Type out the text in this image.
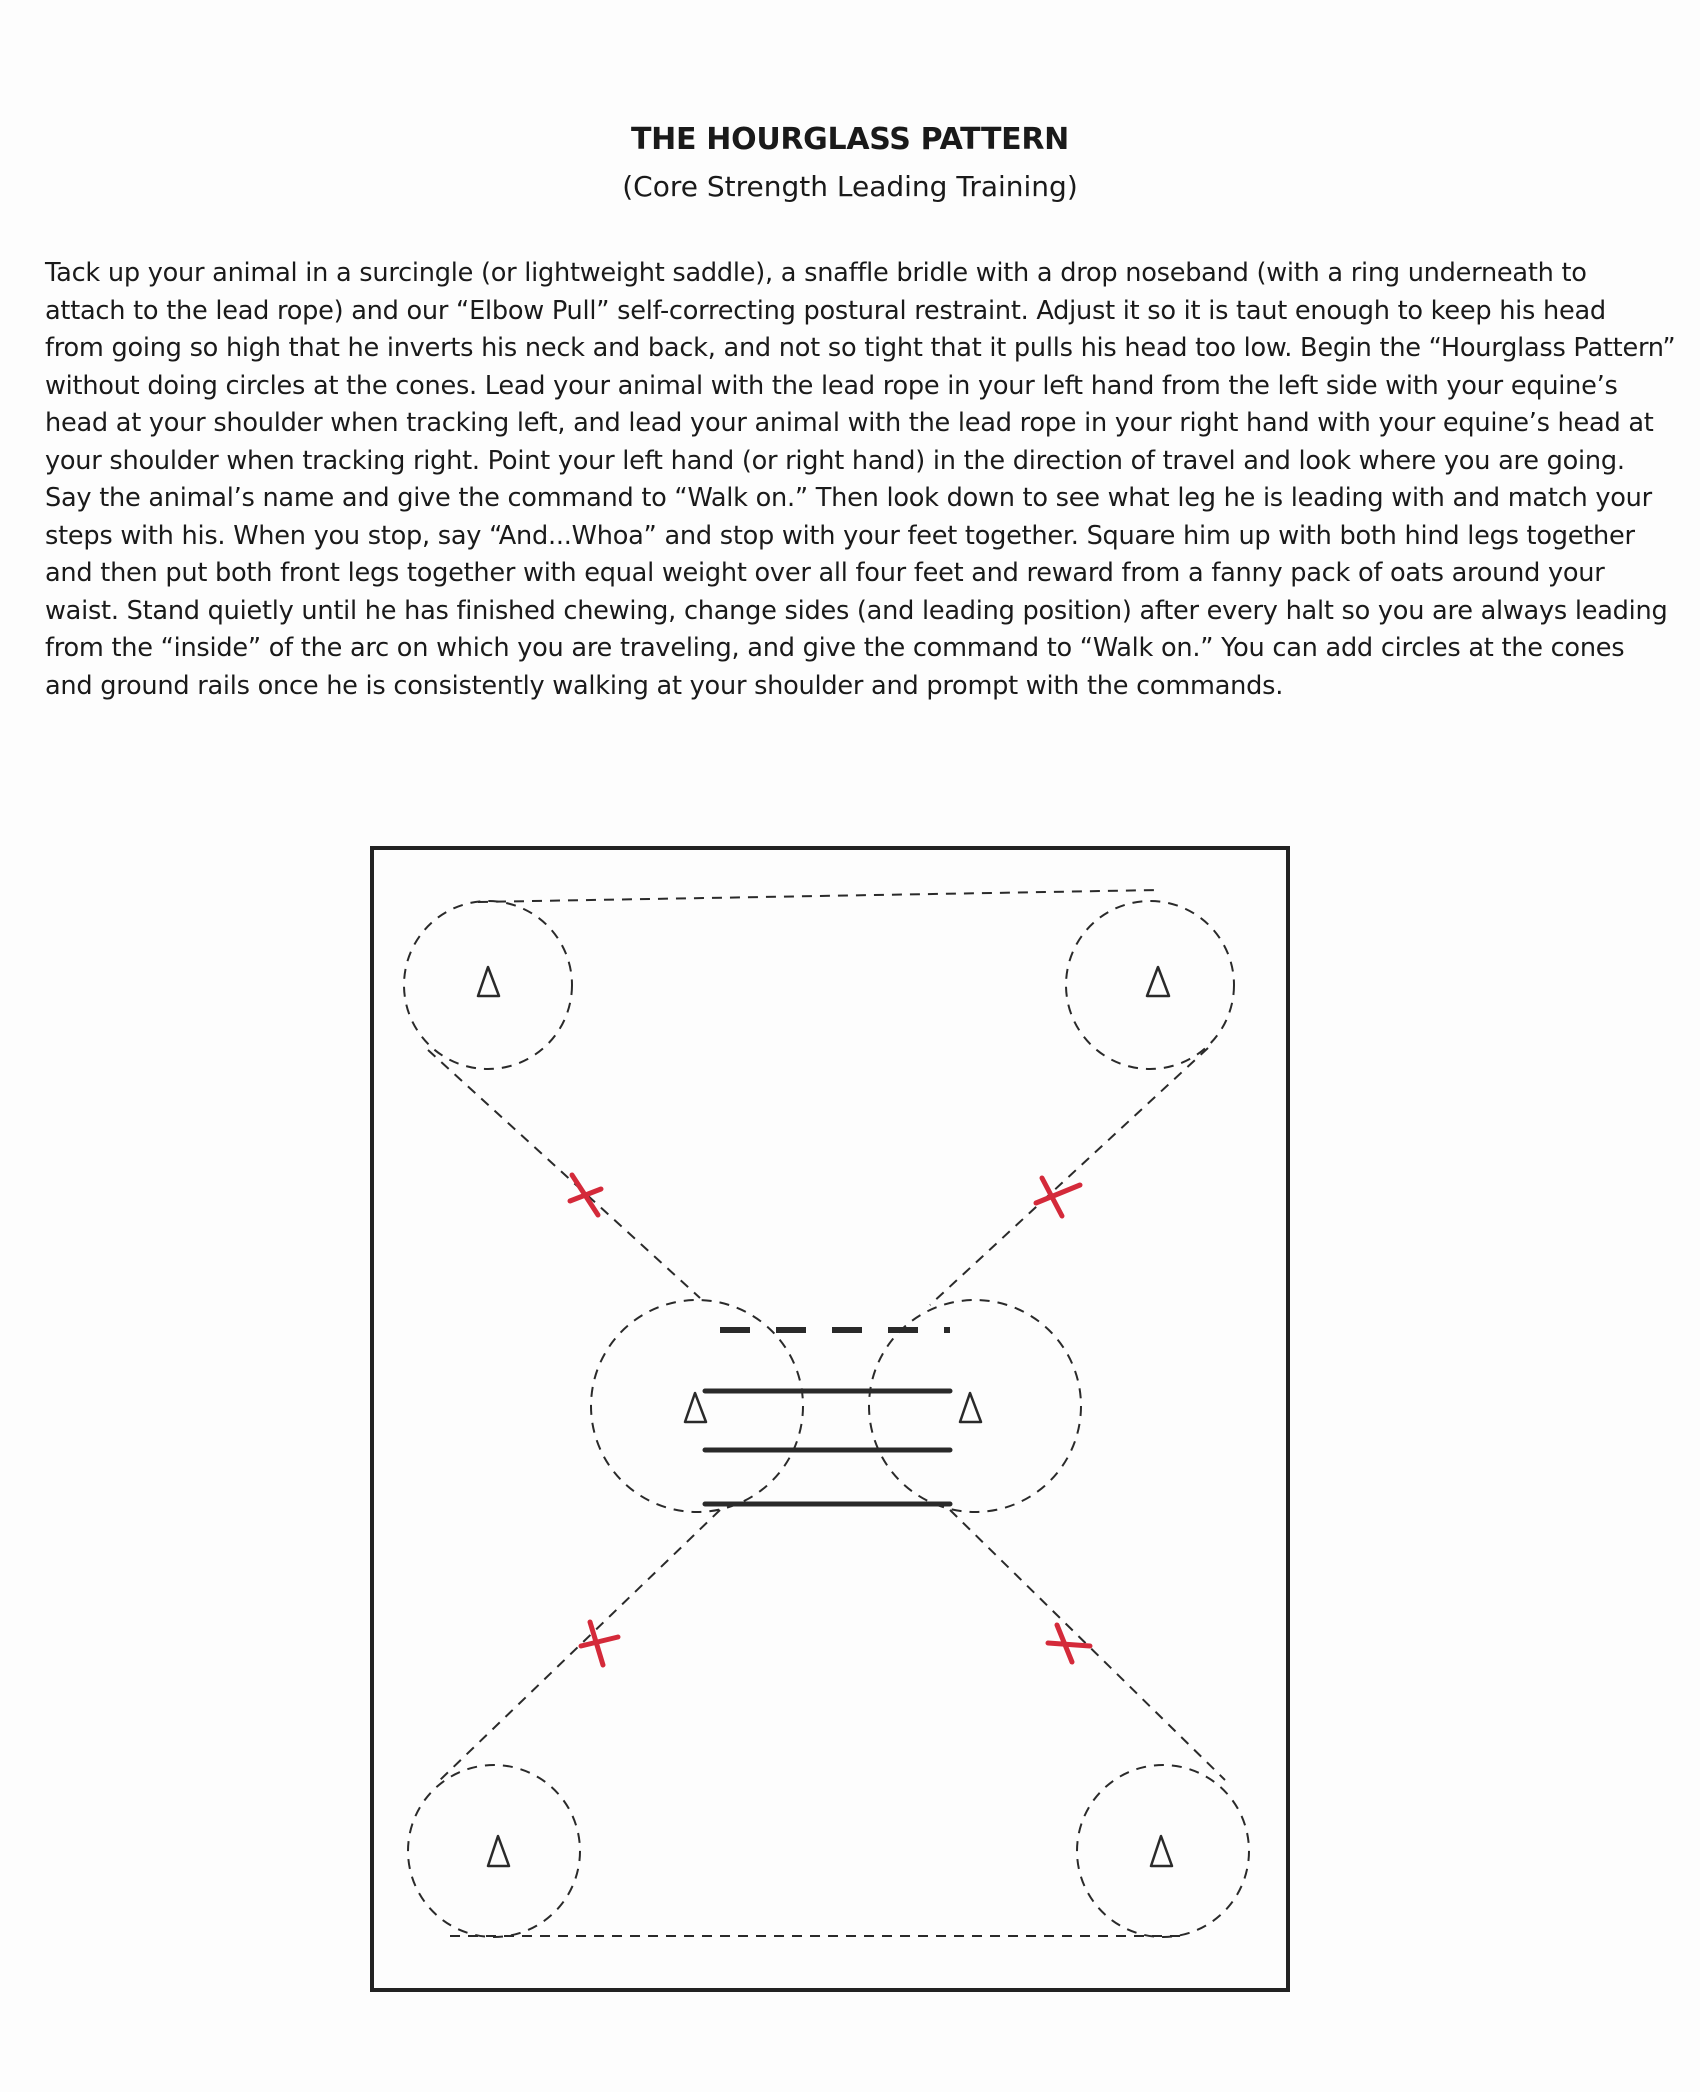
THE HOURGLASS PATTERN
(Core Strength Leading Training)
Tack up your animal in a surcingle (or lightweight saddle), a snaffle bridle with a drop noseband (with a ring underneath to
attach to the lead rope) and our “Elbow Pull” self-correcting postural restraint. Adjust it so it is taut enough to keep his head
from going so high that he inverts his neck and back, and not so tight that it pulls his head too low. Begin the “Hourglass Pattern”
without doing circles at the cones. Lead your animal with the lead rope in your left hand from the left side with your equine’s
head at your shoulder when tracking left, and lead your animal with the lead rope in your right hand with your equine’s head at
your shoulder when tracking right. Point your left hand (or right hand) in the direction of travel and look where you are going.
Say the animal’s name and give the command to “Walk on.” Then look down to see what leg he is leading with and match your
steps with his. When you stop, say “And...Whoa” and stop with your feet together. Square him up with both hind legs together
and then put both front legs together with equal weight over all four feet and reward from a fanny pack of oats around your
waist. Stand quietly until he has finished chewing, change sides (and leading position) after every halt so you are always leading
from the “inside” of the arc on which you are traveling, and give the command to “Walk on.” You can add circles at the cones
and ground rails once he is consistently walking at your shoulder and prompt with the commands.
